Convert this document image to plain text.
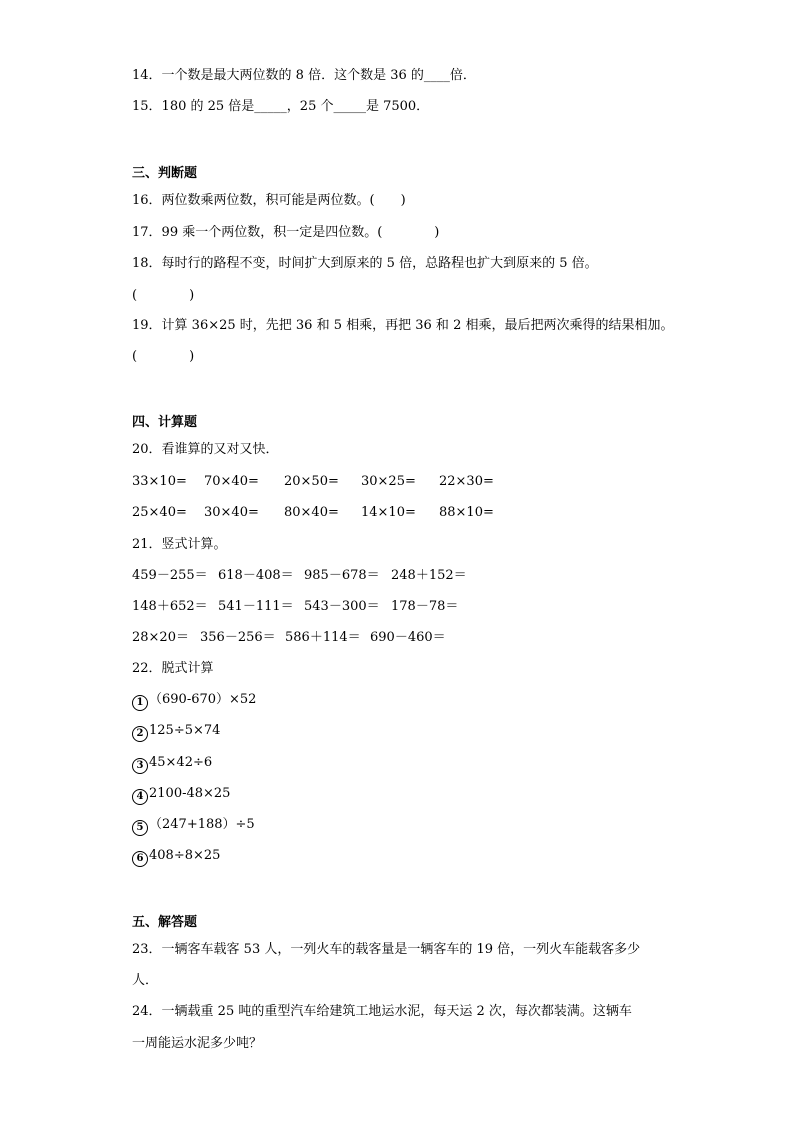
14．一个数是最大两位数的 8 倍．这个数是 36 的____倍．
15．180 的 25 倍是_____，25 个_____是 7500．
三、判断题
16．两位数乘两位数，积可能是两位数。(　　)
17．99 乘一个两位数，积一定是四位数。(　　　　)
18．每时行的路程不变，时间扩大到原来的 5 倍，总路程也扩大到原来的 5 倍。
(　　　　)
19．计算 36×25 时，先把 36 和 5 相乘，再把 36 和 2 相乘，最后把两次乘得的结果相加。
(　　　　)
四、计算题
20．看谁算的又对又快．
33×10= 70×40= 20×50= 30×25= 22×30=
25×40= 30×40= 80×40= 14×10= 88×10=
21．竖式计算。
459－255＝ 618－408＝ 985－678＝ 248＋152＝
148＋652＝ 541－111＝ 543－300＝ 178－78＝
28×20＝ 356－256＝ 586＋114＝ 690－460＝
22．脱式计算
1 （690-670）×52
2 125÷5×74
3 45×42÷6
4 2100-48×25
5 （247+188）÷5
6 408÷8×25
五、解答题
23．一辆客车载客 53 人，一列火车的载客量是一辆客车的 19 倍，一列火车能载客多少
人．
24．一辆载重 25 吨的重型汽车给建筑工地运水泥，每天运 2 次，每次都装满。这辆车
一周能运水泥多少吨？
